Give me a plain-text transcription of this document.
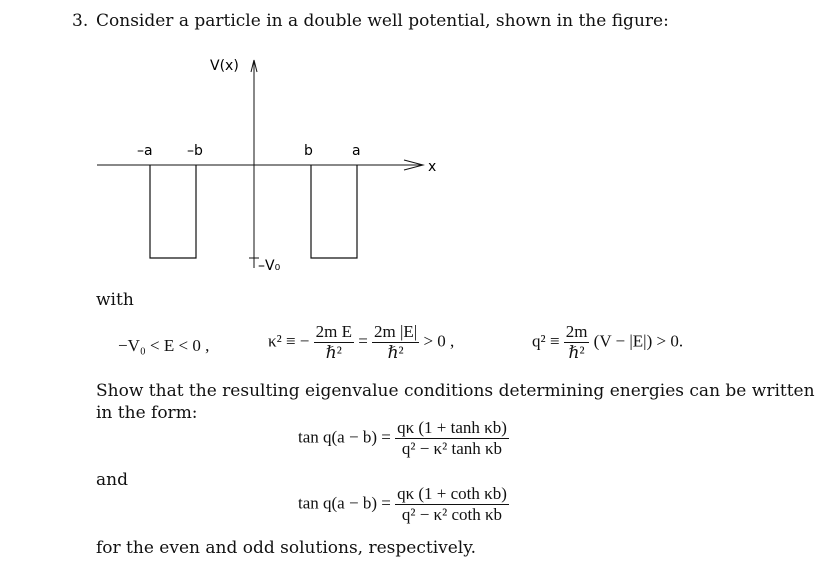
3. Consider a particle in a double well potential, shown in the figure:
V(x)
x
–a –b	b	a
–V₀
with
−V₀ < E < 0 ,	κ² ≡ − $\frac{\text{2m E}}{\text{ℏ²}} = \frac{2m |E|}{\text{ℏ²}} > 0$ ,	$q^2 \equiv \frac{2m}{\text{ℏ²}} (V - |E|) > 0$.
Show that the resulting eigenvalue conditions determining energies can be written
in the form:
$\tan q(a - b) = \frac{\text{qκ (1 + tanh κb)}}{\text{q² − κ² tanh κb}}$
and
$\tan q(a - b) = \frac{\text{qκ (1 + coth κb)}}{\text{q² − κ² coth κb}}$
for the even and odd solutions, respectively.
